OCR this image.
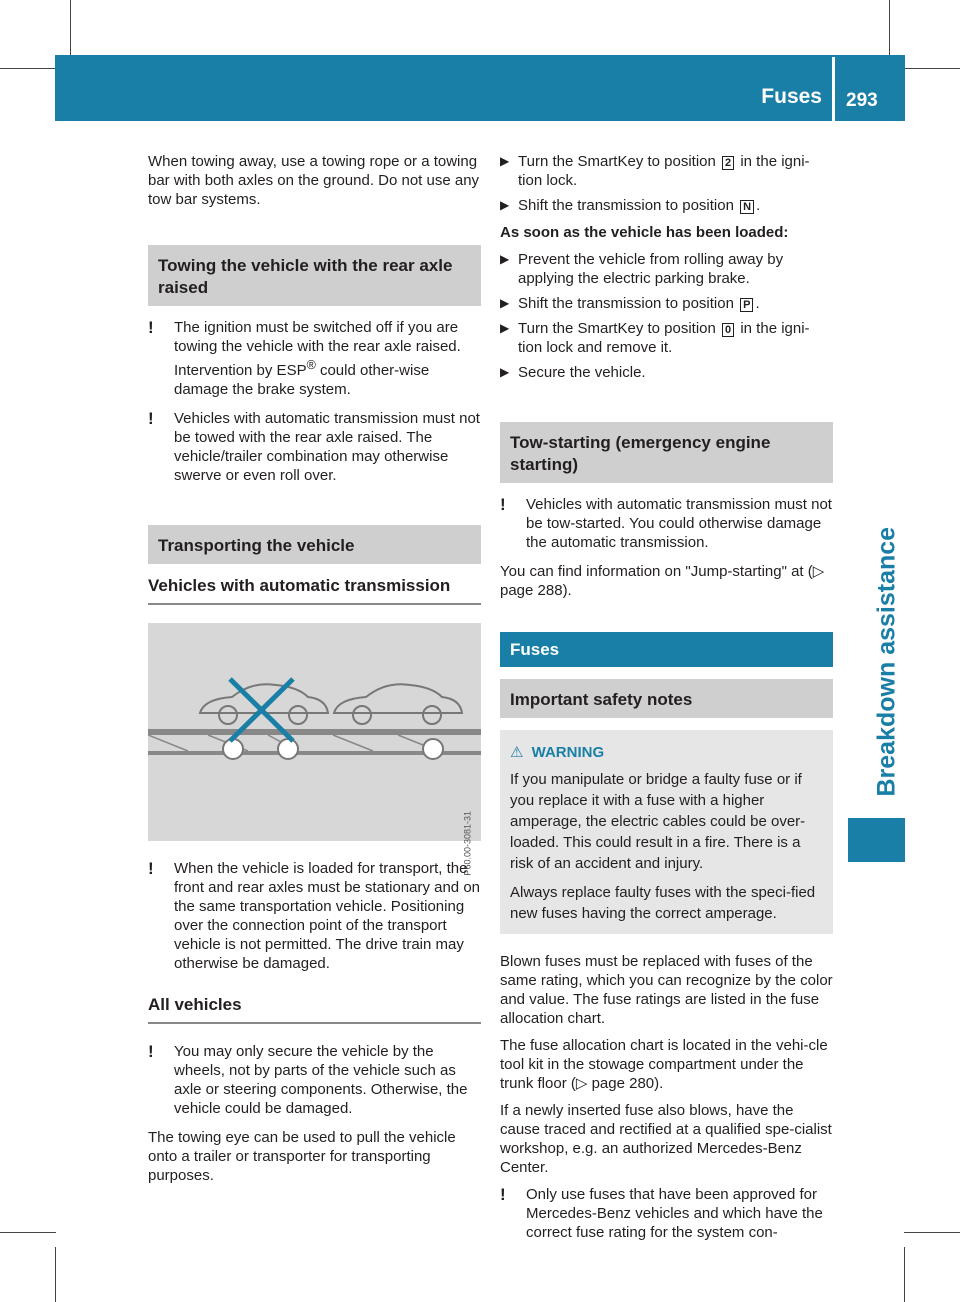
Fuses 293
Breakdown assistance

When towing away, use a towing rope or a towing bar with both axles on the ground. Do not use any tow bar systems.

Towing the vehicle with the rear axle raised
! The ignition must be switched off if you are towing the vehicle with the rear axle raised. Intervention by ESP® could other-wise damage the brake system.
! Vehicles with automatic transmission must not be towed with the rear axle raised. The vehicle/trailer combination may otherwise swerve or even roll over.
Transporting the vehicle
Vehicles with automatic transmission
P60.00-3081-31
! When the vehicle is loaded for transport, the front and rear axles must be stationary and on the same transportation vehicle. Positioning over the connection point of the transport vehicle is not permitted. The drive train may otherwise be damaged.
All vehicles
! You may only secure the vehicle by the wheels, not by parts of the vehicle such as axle or steering components. Otherwise, the vehicle could be damaged.

The towing eye can be used to pull the vehicle onto a trailer or transporter for transporting purposes.

▶ Turn the SmartKey to position 2 in the igni-tion lock.
▶ Shift the transmission to position N .

As soon as the vehicle has been loaded:

▶ Prevent the vehicle from rolling away by applying the electric parking brake.
▶ Shift the transmission to position P .
▶ Turn the SmartKey to position 0 in the igni-tion lock and remove it.
▶ Secure the vehicle.
Tow-starting (emergency engine starting)
! Vehicles with automatic transmission must not be tow-started. You could otherwise damage the automatic transmission.

You can find information on "Jump-starting" at (▷ page 288).

Fuses
Important safety notes
⚠ WARNING

If you manipulate or bridge a faulty fuse or if you replace it with a fuse with a higher amperage, the electric cables could be over-loaded. This could result in a fire. There is a risk of an accident and injury.

Always replace faulty fuses with the speci-fied new fuses having the correct amperage.

Blown fuses must be replaced with fuses of the same rating, which you can recognize by the color and value. The fuse ratings are listed in the fuse allocation chart.

The fuse allocation chart is located in the vehi-cle tool kit in the stowage compartment under the trunk floor (▷ page 280).

If a newly inserted fuse also blows, have the cause traced and rectified at a qualified spe-cialist workshop, e.g. an authorized Mercedes-Benz Center.

! Only use fuses that have been approved for Mercedes-Benz vehicles and which have the correct fuse rating for the system con-
